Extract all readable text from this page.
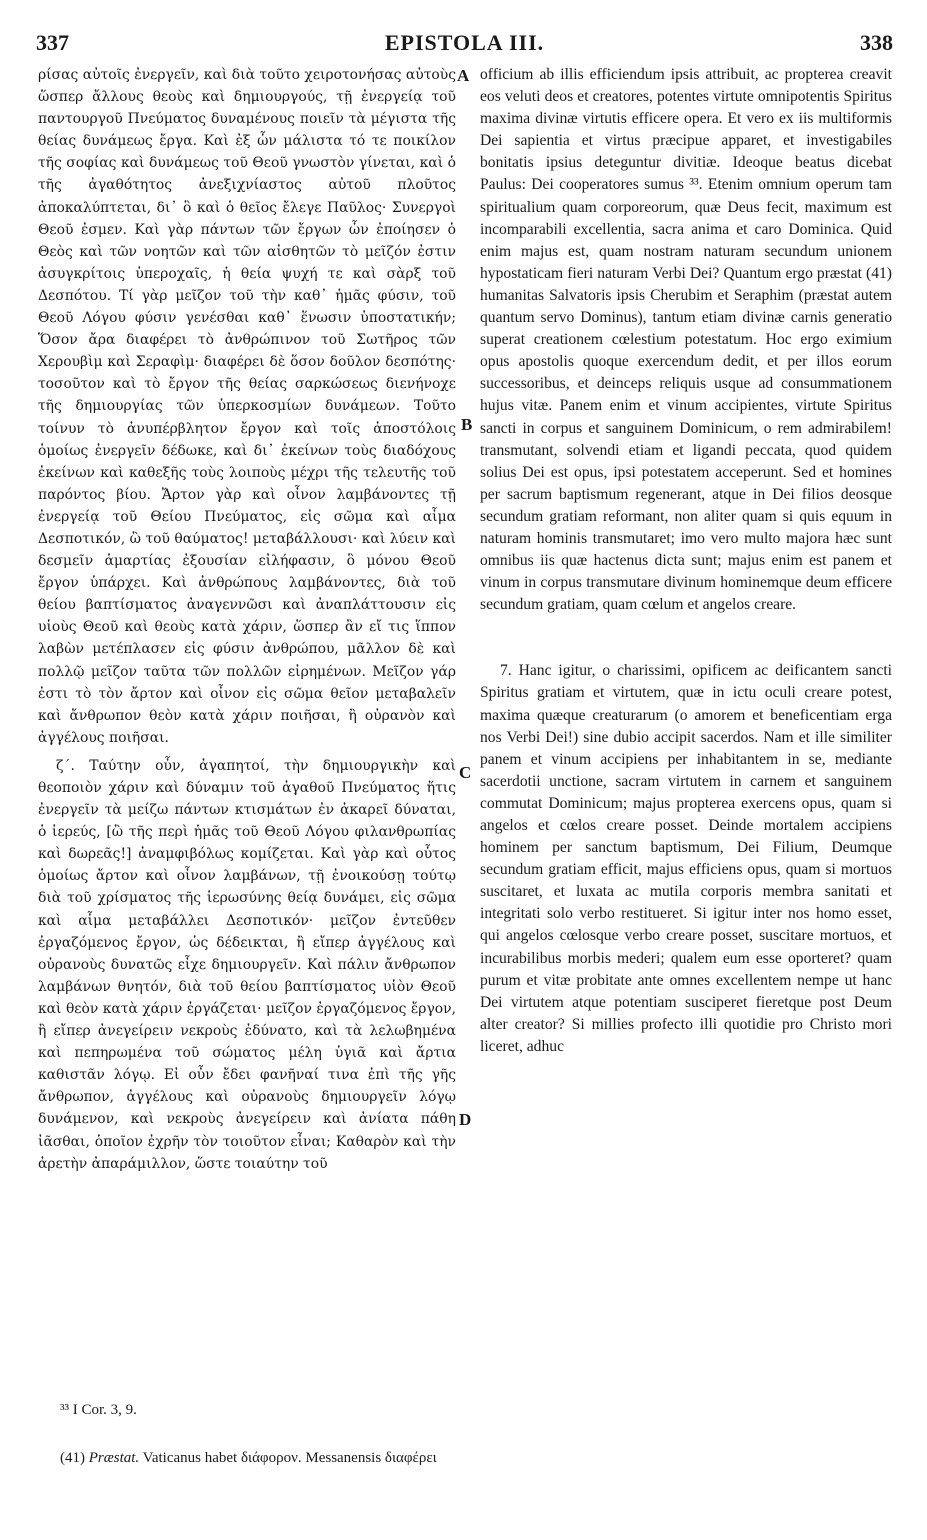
337	EPISTOLA III.	338

ρίσας αὐτοῖς ἐνεργεῖν, καὶ διὰ τοῦτο χειροτονήσας αὐτοὺς ὥσπερ ἄλλους θεοὺς καὶ δημιουργούς, τῇ ἐνεργείᾳ τοῦ παντουργοῦ Πνεύματος δυναμένους ποιεῖν τὰ μέγιστα τῆς θείας δυνάμεως ἔργα. Καὶ ἐξ ὧν μάλιστα τό τε ποικίλον τῆς σοφίας καὶ δυνάμεως τοῦ Θεοῦ γνωστὸν γίνεται, καὶ ὁ τῆς ἀγαθότητος ἀνεξιχνίαστος αὐτοῦ πλοῦτος ἀποκαλύπτεται, δι᾽ ὃ καὶ ὁ θεῖος ἔλεγε Παῦλος· Συνεργοὶ Θεοῦ ἐσμεν. Καὶ γὰρ πάντων τῶν ἔργων ὧν ἐποίησεν ὁ Θεὸς καὶ τῶν νοητῶν καὶ τῶν αἰσθητῶν τὸ μεῖζόν ἐστιν ἀσυγκρίτοις ὑπεροχαῖς, ἡ θεία ψυχή τε καὶ σὰρξ τοῦ Δεσπότου. Τί γὰρ μεῖζον τοῦ τὴν καθ᾽ ἡμᾶς φύσιν, τοῦ Θεοῦ Λόγου φύσιν γενέσθαι καθ᾽ ἕνωσιν ὑποστατικήν; Ὅσον ἄρα διαφέρει τὸ ἀνθρώπινον τοῦ Σωτῆρος τῶν Χερουβὶμ καὶ Σεραφὶμ· διαφέρει δὲ ὅσον δοῦλον δεσπότης· τοσοῦτον καὶ τὸ ἔργον τῆς θείας σαρκώσεως διενήνοχε τῆς δημιουργίας τῶν ὑπερκοσμίων δυνάμεων. Τοῦτο τοίνυν τὸ ἀνυπέρβλητον ἔργον καὶ τοῖς ἀποστόλοις ὁμοίως ἐνεργεῖν δέδωκε, καὶ δι᾽ ἐκείνων τοὺς διαδόχους ἐκείνων καὶ καθεξῆς τοὺς λοιποὺς μέχρι τῆς τελευτῆς τοῦ παρόντος βίου. Ἄρτον γὰρ καὶ οἶνον λαμβάνοντες τῇ ἐνεργείᾳ τοῦ Θείου Πνεύματος, εἰς σῶμα καὶ αἷμα Δεσποτικόν, ὢ τοῦ θαύματος! μεταβάλλουσι· καὶ λύειν καὶ δεσμεῖν ἁμαρτίας ἐξουσίαν εἰλήφασιν, ὃ μόνου Θεοῦ ἔργον ὑπάρχει. Καὶ ἀνθρώπους λαμβάνοντες, διὰ τοῦ θείου βαπτίσματος ἀναγεννῶσι καὶ ἀναπλάττουσιν εἰς υἱοὺς Θεοῦ καὶ θεοὺς κατὰ χάριν, ὥσπερ ἂν εἴ τις ἵππον λαβὼν μετέπλασεν εἰς φύσιν ἀνθρώπου, μᾶλλον δὲ καὶ πολλῷ μεῖζον ταῦτα τῶν πολλῶν εἰρημένων. Μεῖζον γάρ ἐστι τὸ τὸν ἄρτον καὶ οἶνον εἰς σῶμα θεῖον μεταβαλεῖν καὶ ἄνθρωπον θεὸν κατὰ χάριν ποιῆσαι, ἢ οὐρανὸν καὶ ἀγγέλους ποιῆσαι.

ζ΄. Ταύτην οὖν, ἀγαπητοί, τὴν δημιουργικὴν καὶ θεοποιὸν χάριν καὶ δύναμιν τοῦ ἀγαθοῦ Πνεύματος ἥτις ἐνεργεῖν τὰ μείζω πάντων κτισμάτων ἐν ἀκαρεῖ δύναται, ὁ ἱερεύς, [ὢ τῆς περὶ ἡμᾶς τοῦ Θεοῦ Λόγου φιλανθρωπίας καὶ δωρεᾶς!] ἀναμφιβόλως κομίζεται. Καὶ γὰρ καὶ οὗτος ὁμοίως ἄρτον καὶ οἶνον λαμβάνων, τῇ ἐνοικούσῃ τούτῳ διὰ τοῦ χρίσματος τῆς ἱερωσύνης θείᾳ δυνάμει, εἰς σῶμα καὶ αἷμα μεταβάλλει Δεσποτικόν· μεῖζον ἐντεῦθεν ἐργαζόμενος ἔργον, ὡς δέδεικται, ἢ εἴπερ ἀγγέλους καὶ οὐρανοὺς δυνατῶς εἶχε δημιουργεῖν. Καὶ πάλιν ἄνθρωπον λαμβάνων θνητόν, διὰ τοῦ θείου βαπτίσματος υἱὸν Θεοῦ καὶ θεὸν κατὰ χάριν ἐργάζεται· μεῖζον ἐργαζόμενος ἔργον, ἢ εἴπερ ἀνεγείρειν νεκροὺς ἐδύνατο, καὶ τὰ λελωβημένα καὶ πεπηρωμένα τοῦ σώματος μέλη ὑγιᾶ καὶ ἄρτια καθιστᾶν λόγῳ. Εἰ οὖν ἔδει φανῆναί τινα ἐπὶ τῆς γῆς ἄνθρωπον, ἀγγέλους καὶ οὐρανοὺς δημιουργεῖν λόγῳ δυνάμενον, καὶ νεκροὺς ἀνεγείρειν καὶ ἀνίατα πάθη ἰᾶσθαι, ὁποῖον ἐχρῆν τὸν τοιοῦτον εἶναι; Καθαρὸν καὶ τὴν ἀρετὴν ἀπαράμιλλον, ὥστε τοιαύτην τοῦ

officium ab illis efficiendum ipsis attribuit, ac propterea creavit eos veluti deos et creatores, potentes virtute omnipotentis Spiritus maxima divinæ virtutis efficere opera. Et vero ex iis multiformis Dei sapientia et virtus præcipue apparet, et investigabiles bonitatis ipsius deteguntur divitiæ. Ideoque beatus dicebat Paulus: Dei cooperatores sumus ³³. Etenim omnium operum tam spiritualium quam corporeorum, quæ Deus fecit, maximum est incomparabili excellentia, sacra anima et caro Dominica. Quid enim majus est, quam nostram naturam secundum unionem hypostaticam fieri naturam Verbi Dei? Quantum ergo præstat (41) humanitas Salvatoris ipsis Cherubim et Seraphim (præstat autem quantum servo Dominus), tantum etiam divinæ carnis generatio superat creationem cœlestium potestatum. Hoc ergo eximium opus apostolis quoque exercendum dedit, et per illos eorum successoribus, et deinceps reliquis usque ad consummationem hujus vitæ. Panem enim et vinum accipientes, virtute Spiritus sancti in corpus et sanguinem Dominicum, o rem admirabilem! transmutant, solvendi etiam et ligandi peccata, quod quidem solius Dei est opus, ipsi potestatem acceperunt. Sed et homines per sacrum baptismum regenerant, atque in Dei filios deosque secundum gratiam reformant, non aliter quam si quis equum in naturam hominis transmutaret; imo vero multo majora hæc sunt omnibus iis quæ hactenus dicta sunt; majus enim est panem et vinum in corpus transmutare divinum hominemque deum efficere secundum gratiam, quam cœlum et angelos creare.

7. Hanc igitur, o charissimi, opificem ac deificantem sancti Spiritus gratiam et virtutem, quæ in ictu oculi creare potest, maxima quæque creaturarum (o amorem et beneficentiam erga nos Verbi Dei!) sine dubio accipit sacerdos. Nam et ille similiter panem et vinum accipiens per inhabitantem in se, mediante sacerdotii unctione, sacram virtutem in carnem et sanguinem commutat Dominicum; majus propterea exercens opus, quam si angelos et cœlos creare posset. Deinde mortalem accipiens hominem per sanctum baptismum, Dei Filium, Deumque secundum gratiam efficit, majus efficiens opus, quam si mortuos suscitaret, et luxata ac mutila corporis membra sanitati et integritati solo verbo restitueret. Si igitur inter nos homo esset, qui angelos cœlosque verbo creare posset, suscitare mortuos, et incurabilibus morbis mederi; qualem eum esse oporteret? quam purum et vitæ probitate ante omnes excellentem nempe ut hanc Dei virtutem atque potentiam susciperet fieretque post Deum alter creator? Si millies profecto illi quotidie pro Christo mori liceret, adhuc

A
B
C
D
³³ I Cor. 3, 9.
(41) Præstat. Vaticanus habet διάφορον. Messanensis διαφέρει
